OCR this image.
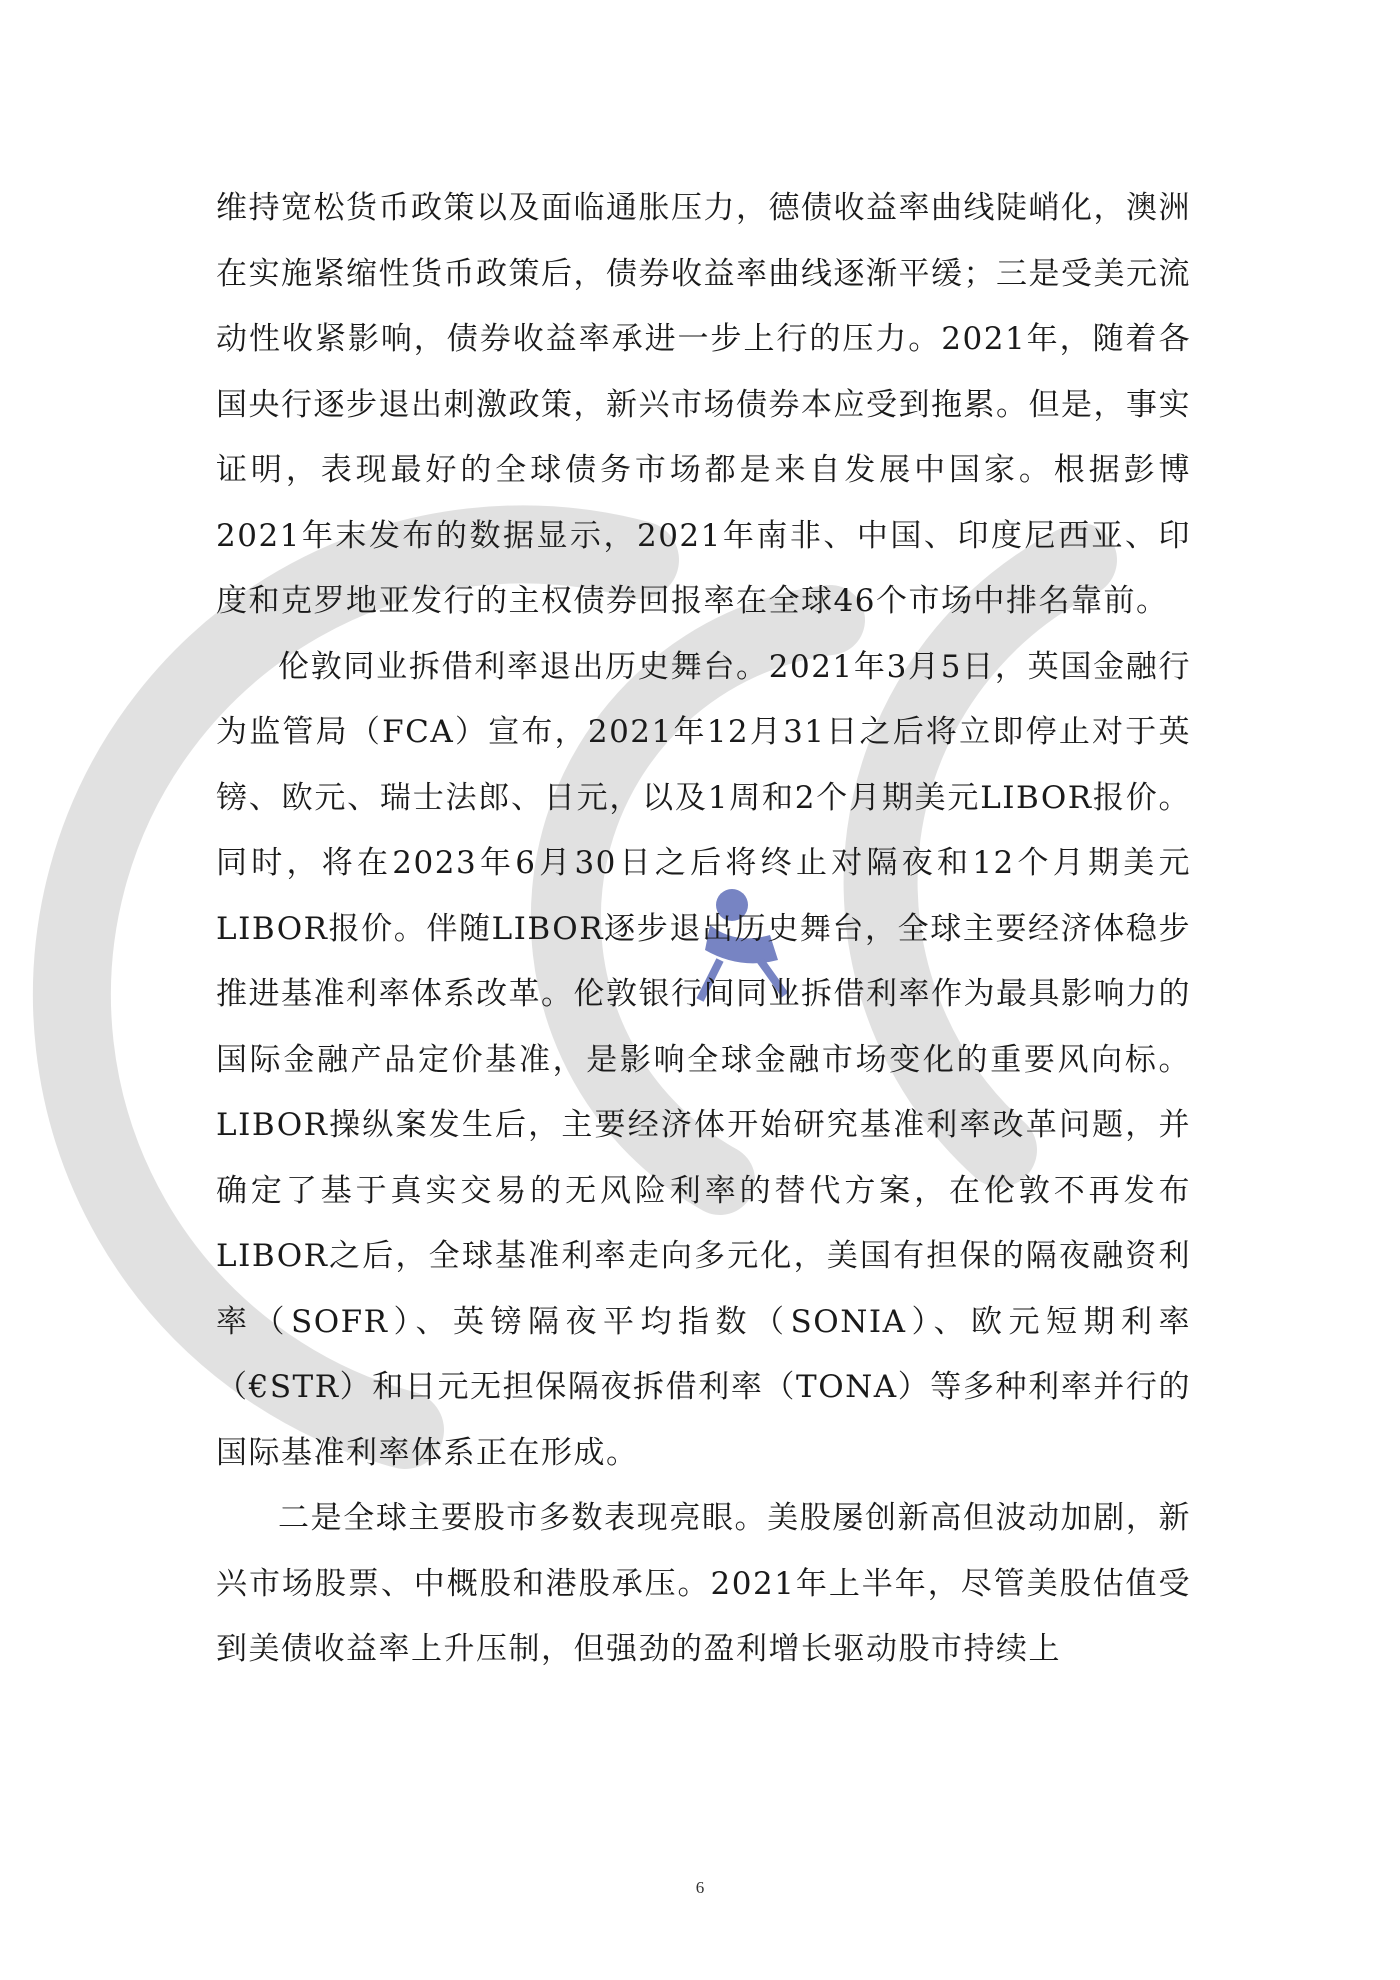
维持宽松货币政策以及面临通胀压力，德债收益率曲线陡峭化，澳洲在实施紧缩性货币政策后，债券收益率曲线逐渐平缓；三是受美元流动性收紧影响，债券收益率承进一步上行的压力。2021年，随着各国央行逐步退出刺激政策，新兴市场债券本应受到拖累。但是，事实证明，表现最好的全球债务市场都是来自发展中国家。根据彭博2021年末发布的数据显示，2021年南非、中国、印度尼西亚、印度和克罗地亚发行的主权债券回报率在全球46个市场中排名靠前。

伦敦同业拆借利率退出历史舞台。2021年3月5日，英国金融行为监管局（FCA）宣布，2021年12月31日之后将立即停止对于英镑、欧元、瑞士法郎、日元，以及1周和2个月期美元LIBOR报价。同时，将在2023年6月30日之后将终止对隔夜和12个月期美元LIBOR报价。伴随LIBOR逐步退出历史舞台，全球主要经济体稳步推进基准利率体系改革。伦敦银行间同业拆借利率作为最具影响力的国际金融产品定价基准，是影响全球金融市场变化的重要风向标。LIBOR操纵案发生后，主要经济体开始研究基准利率改革问题，并确定了基于真实交易的无风险利率的替代方案，在伦敦不再发布LIBOR之后，全球基准利率走向多元化，美国有担保的隔夜融资利率（SOFR）、英镑隔夜平均指数（SONIA）、欧元短期利率（€STR）和日元无担保隔夜拆借利率（TONA）等多种利率并行的国际基准利率体系正在形成。

二是全球主要股市多数表现亮眼。美股屡创新高但波动加剧，新兴市场股票、中概股和港股承压。2021年上半年，尽管美股估值受到美债收益率上升压制，但强劲的盈利增长驱动股市持续上

6
